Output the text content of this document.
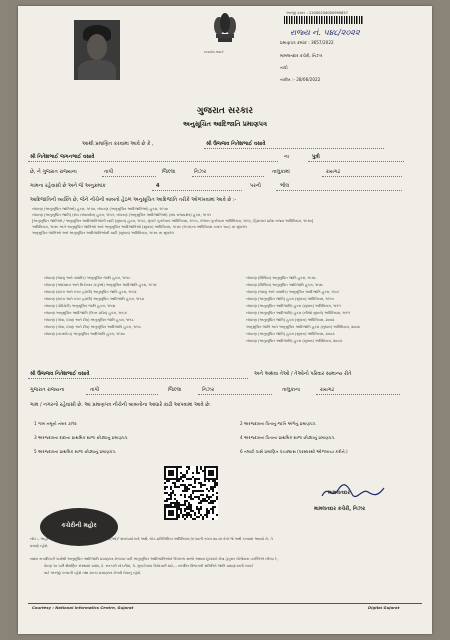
સત્યમેવ જયતે
અરજી ક્રમાંક : 22000234000990857
રાજ્ય નં. ૫૪૮/૨૦૨૨
પ્રમાણપત્ર ક્રમાંક : 3657/2022
મામલતદાર કચેરી, નિઝર
તાપી
તારીખ :- 28/06/2022
ગુજરાત સરકાર
અનુસૂચિત આદિજાતિ પ્રમાણપત્ર
આથી પ્રમાણિત કરવામાં આવે છે કે ,	શ્રી ઉજ્જવ નિતેશભાઈ વસાવે
શ્રી નિતેશભાઈ જગનભાઈ વસાવે	ના	પુત્રી
છે, ને ગુજરાત રાજ્યના	તાપી	જિલ્લા	નિઝર	તાલુકામાં	રાયગઢ
ગામના રહેવાસી છે અને જે અનુક્રમાંક	4	પરની	ભીલ
આદિજાતિની વ્યક્તિ છે, જેને નીચેની બાબતો હેઠળ અનુસૂચિત આદિજાતિ તરીકે ઓળખવામાં આવે છે :-
બંધારણ (અનુસૂચિત જાતિઓ) હુકમ, ૧૯૫૦, બંધારણ (અનુસૂચિત આદિજાતિઓ) હુકમ, ૧૯૫૦
બંધારણ (અનુસૂચિત જાતિ) (સંઘ રાજ્યક્ષેત્ર) હુકમ, ૧૯૫૧, બંધારણ (અનુસૂચિત આદિજાતિઓ) (સંઘ રાજ્યક્ષેત્ર) હુકમ, ૧૯૫૧
[અનુસૂચિત જાતિઓ / અનુસૂચિત આદિજાતિઓની યાદી (સુધારા) હુકમ, ૧૯૫૬, મુંબઈ પુનર્રચના અધિનિયમ, ૧૯૬૦, પંજાબ પુનર્રચના અધિનિયમ, ૧૯૬૬, હિમાચલ પ્રદેશ રાજ્ય અધિનિયમ, ૧૯૭૦]
અધિનિયમ, ૧૯૭૬ અને અનુસૂચિત જાતિઓ અને અનુસૂચિત આદિજાતિઓ (સુધારા) અધિનિયમ, ૧૯૭૬ (૧૯૭૬ના અધિનિયમ ક્રમાંક ૧૦૮) ના સુધારેલ
અનુસૂચિત જાતિઓ અને અનુસૂચિત આદિજાતિઓની યાદી (સુધારા) અધિનિયમ, ૧૯૭૬ ના સુધારેલ
બંધારણ (જમ્મુ અને કાશ્મીર) અનુસૂચિત જાતિ હુકમ, ૧૯૫૬
બંધારણ (આંદામાન અને નિકોબાર ટાપુઓ) અનુસૂચિત આદિજાતિ હુકમ, ૧૯૫૯
બંધારણ (દાદરા અને નગર હવેલી) અનુસૂચિત જાતિ હુકમ, ૧૯૬૨
બંધારણ (દાદરા અને નગર હવેલી) અનુસૂચિત આદિજાતિ હુકમ, ૧૯૬૨
બંધારણ (પોંડિચેરી) અનુસૂચિત જાતિ હુકમ, ૧૯૬૪
બંધારણ અનુસૂચિત આદિજાતિ (ઉત્તર પ્રદેશ) હુકમ, ૧૯૬૭
બંધારણ (ગોવા, દમણ અને દીવ) અનુસૂચિત જાતિ હુકમ, ૧૯૬૮
બંધારણ (ગોવા, દમણ અને દીવ) અનુસૂચિત આદિજાતિ હુકમ, ૧૯૬૮
બંધારણ (નાગાલેન્ડ) અનુસૂચિત આદિજાતિ હુકમ, ૧૯૭૦
બંધારણ (સિક્કિમ) અનુસૂચિત જાતિ હુકમ, ૧૯૭૮
બંધારણ (સિક્કિમ) અનુસૂચિત આદિજાતિ હુકમ, ૧૯૭૮
બંધારણ (જમ્મુ અને કાશ્મીર) અનુસૂચિત આદિજાતિ હુકમ, ૧૯૮૯
બંધારણ (અનુસૂચિત જાતિ) હુકમ (સુધારા) અધિનિયમ, ૧૯૯૦
બંધારણ (અનુસૂચિત આદિજાતિ) હુકમ (સુધારા) અધિનિયમ, ૧૯૯૧
બંધારણ (અનુસૂચિત આદિજાતિ) હુકમ (બીજો સુધારો) અધિનિયમ, ૧૯૯૧
બંધારણ (અનુસૂચિત જાતિ) હુકમ (સુધારા) અધિનિયમ, ૨૦૦૨
અનુસૂચિત જાતિ અને અનુસૂચિત આદિજાતિ હુકમ (સુધારા) અધિનિયમ, ૨૦૦૨
બંધારણ (અનુસૂચિત જાતિ) હુકમ (સુધારા) અધિનિયમ, ૨૦૦૩
બંધારણ (અનુસૂચિત આદિજાતિ) હુકમ (સુધારા) અધિનિયમ, ૨૦૦૩
શ્રી ઉજ્જવ નિતેશભાઈ વસાવે	અને અથવા તેઓ / તેઓનો પરિવાર સામાન્ય રીતે
ગુજરાત રાજ્યના	તાપી	જિલ્લા	નિઝર	તાલુકાના	રાયગઢ
ગામ / નગરનો રહેવાસી છે. આ પ્રમાણપત્ર નીચેની બાબતોના આધારે કાઢી આપવામાં આવે છે:
1 ગામ નમૂનો નંબર ૭/૧૨
3 અરજદારના દાદાના પ્રાથમિક શાળા છોડ્યાનું પ્રમાણપત્ર.
5 અરજદારના પ્રાથમિક શાળા છોડ્યાનું પ્રમાણપત્ર.
2 અરજદારના પિતાનું જાતિ અંગેનું પ્રમાણપત્ર.
4 અરજદારના પિતાના પ્રાથમિક શાળા છોડ્યાનું પ્રમાણપત્ર.
6 તલાટી પાસે પ્રમાણિત પંચક્યાસ (પરસ્પરથી ઓળખાયા કરીને.)
કચેરીની મહોર
મામલતદાર
મામલતદાર કચેરી, નિઝર
નોંધ :- અહીં ઉપયોગમાં લેવાયેલ "સામાન્ય રીતે રહેવાસી(ઓ)" શબ્દપ્રયોગનો અર્થ, લોક-પ્રતિનિધિત્વ અધિનિયમ,૧૯૫૦ની કલમ ૨૦-માં તેનો જે અર્થ કરવામાં આવ્યો છે, તે
પ્રમાણે રહેશે.
સક્ષમ સત્તાધિકારી પાસેથી અનુસૂચિત આદિજાતિ પ્રમાણપત્ર મેળવ્યા પછી અનુસૂચિત આદિજાતિઓને ઉપલબ્ધ સાભો અથવા છૂટછાટો લેવા હેતુસર લોજેયસ વ્યક્તિએ નીચ્ચ રે,
ધોરણ ૧૦ પછી શૈક્ષણિક સંસ્થામાં પ્રવેશ, 2. સરકારી નોકરીમાં, 3. મુંબઈમાંના ઉમેદવારી માટે,.. સંબંધિત વિભાગની સમિતિને જાતિ પ્રમાણપત્રની ખરાઈ
માટે અરજી કરવાની રહેશે તથા માન્ય પ્રમાણપત્ર મેળવી લેવાનું રહેશે.
Courtesy : National Informatics Centre, Gujarat	Digital Gujarat
